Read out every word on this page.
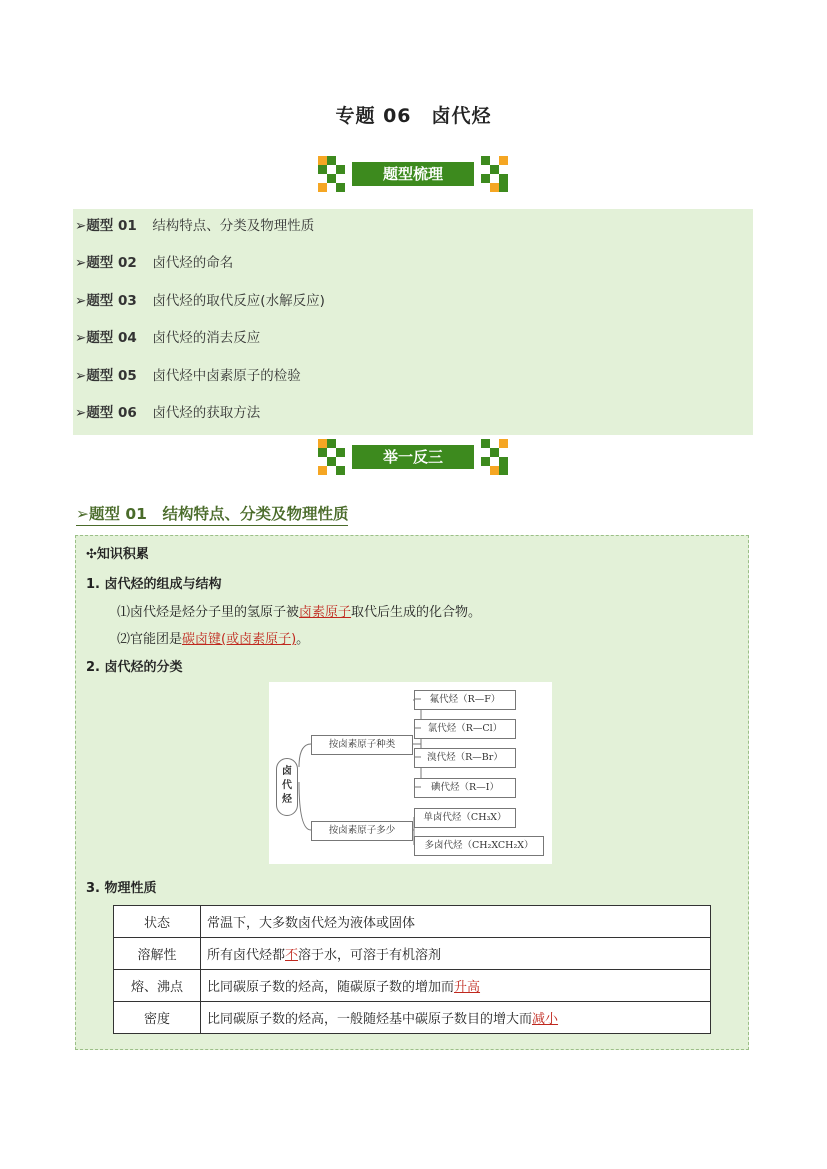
专题 06　卤代烃
题型梳理
➢题型 01 结构特点、分类及物理性质
➢题型 02 卤代烃的命名
➢题型 03 卤代烃的取代反应(水解反应)
➢题型 04 卤代烃的消去反应
➢题型 05 卤代烃中卤素原子的检验
➢题型 06 卤代烃的获取方法
举一反三
➢题型 01　结构特点、分类及物理性质
✣知识积累
1. 卤代烃的组成与结构
⑴卤代烃是烃分子里的氢原子被卤素原子取代后生成的化合物。
⑵官能团是碳卤键(或卤素原子)。
2. 卤代烃的分类
卤代烃
按卤素原子种类
按卤素原子多少
氟代烃（R—F）
氯代烃（R—Cl）
溴代烃（R—Br）
碘代烃（R—I）
单卤代烃（CH₃X）
多卤代烃（CH₂XCH₂X）
3. 物理性质
状态	常温下，大多数卤代烃为液体或固体
溶解性	所有卤代烃都不溶于水，可溶于有机溶剂
熔、沸点	比同碳原子数的烃高，随碳原子数的增加而升高
密度	比同碳原子数的烃高，一般随烃基中碳原子数目的增大而减小
